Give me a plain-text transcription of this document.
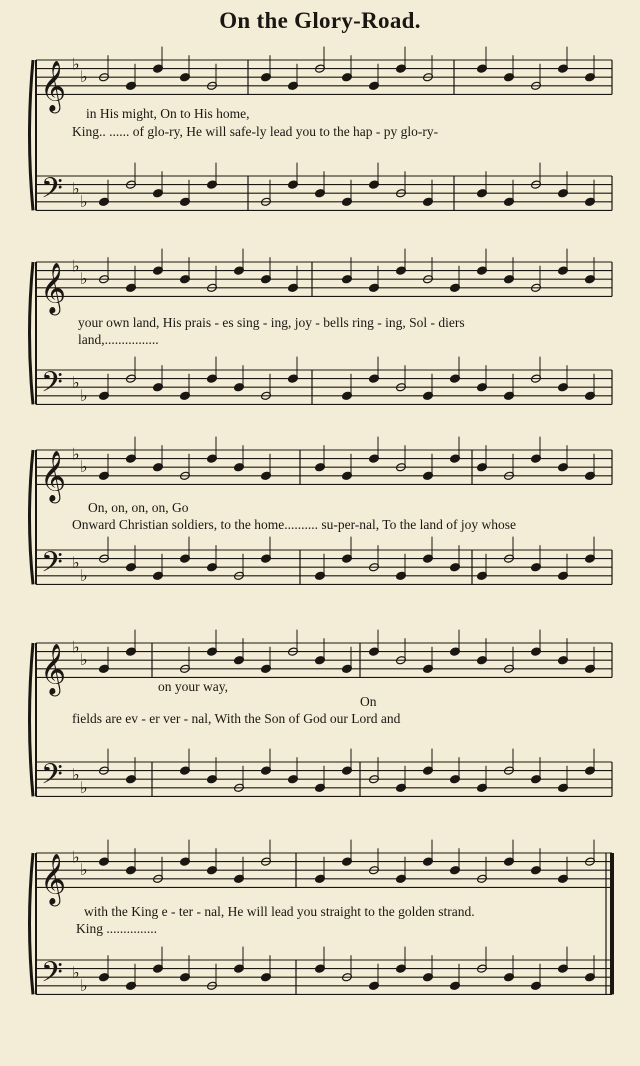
On the Glory-Road.
𝄞
𝄢
♭
♭
♭
♭
𝄞
𝄢
♭
♭
♭
♭
𝄞
𝄢
♭
♭
♭
♭
𝄞
𝄢
♭
♭
♭
♭
𝄞
𝄢
♭
♭
♭
♭
in His might, On to His home,
King.. ...... of glo-ry, He will safe-ly lead you to the hap - py glo-ry-
your own land, His prais - es sing - ing, joy - bells ring - ing, Sol - diers
land,................
On, on, on, on, Go
Onward Christian soldiers, to the home.......... su-per-nal, To the land of joy whose
on your way,
On
fields are ev - er ver - nal, With the Son of God our Lord and
with the King e - ter - nal, He will lead you straight to the golden strand.
King ...............
